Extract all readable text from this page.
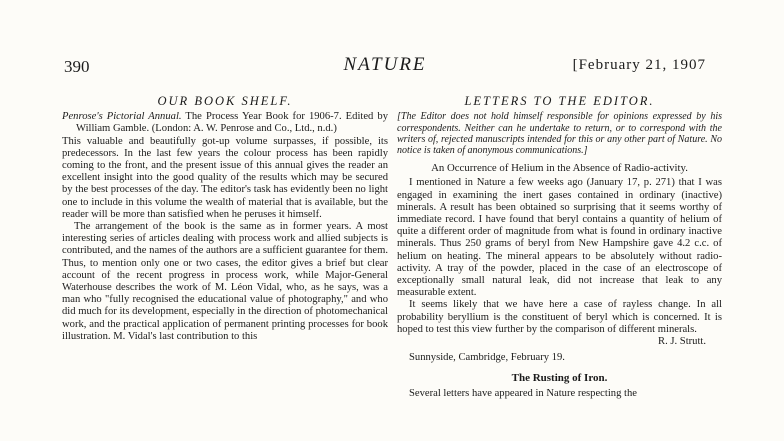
390	NATURE	[February 21, 1907
OUR BOOK SHELF.

Penrose's Pictorial Annual. The Process Year Book for 1906-7. Edited by William Gamble. (London: A. W. Penrose and Co., Ltd., n.d.)

This valuable and beautifully got-up volume surpasses, if possible, its predecessors. In the last few years the colour process has been rapidly coming to the front, and the present issue of this annual gives the reader an excellent insight into the good quality of the results which may be secured by the best processes of the day. The editor's task has evidently been no light one to include in this volume the wealth of material that is available, but the reader will be more than satisfied when he peruses it himself.

The arrangement of the book is the same as in former years. A most interesting series of articles dealing with process work and allied subjects is contributed, and the names of the authors are a sufficient guarantee for them. Thus, to mention only one or two cases, the editor gives a brief but clear account of the recent progress in process work, while Major-General Waterhouse describes the work of M. Léon Vidal, who, as he says, was a man who "fully recognised the educational value of photography," and who did much for its development, especially in the direction of photomechanical work, and the practical application of permanent printing processes for book illustration. M. Vidal's last contribution to this

LETTERS TO THE EDITOR.
[The Editor does not hold himself responsible for opinions expressed by his correspondents. Neither can he undertake to return, or to correspond with the writers of, rejected manuscripts intended for this or any other part of Nature. No notice is taken of anonymous communications.]
An Occurrence of Helium in the Absence of Radio-activity.

I mentioned in Nature a few weeks ago (January 17, p. 271) that I was engaged in examining the inert gases contained in ordinary (inactive) minerals. A result has been obtained so surprising that it seems worthy of immediate record. I have found that beryl contains a quantity of helium of quite a different order of magnitude from what is found in ordinary inactive minerals. Thus 250 grams of beryl from New Hampshire gave 4.2 c.c. of helium on heating. The mineral appears to be absolutely without radio-activity. A tray of the powder, placed in the case of an electroscope of exceptionally small natural leak, did not increase that leak to any measurable extent.

It seems likely that we have here a case of rayless change. In all probability beryllium is the constituent of beryl which is concerned. It is hoped to test this view further by the comparison of different minerals.

R. J. Strutt.

Sunnyside, Cambridge, February 19.

The Rusting of Iron.

Several letters have appeared in Nature respecting the
